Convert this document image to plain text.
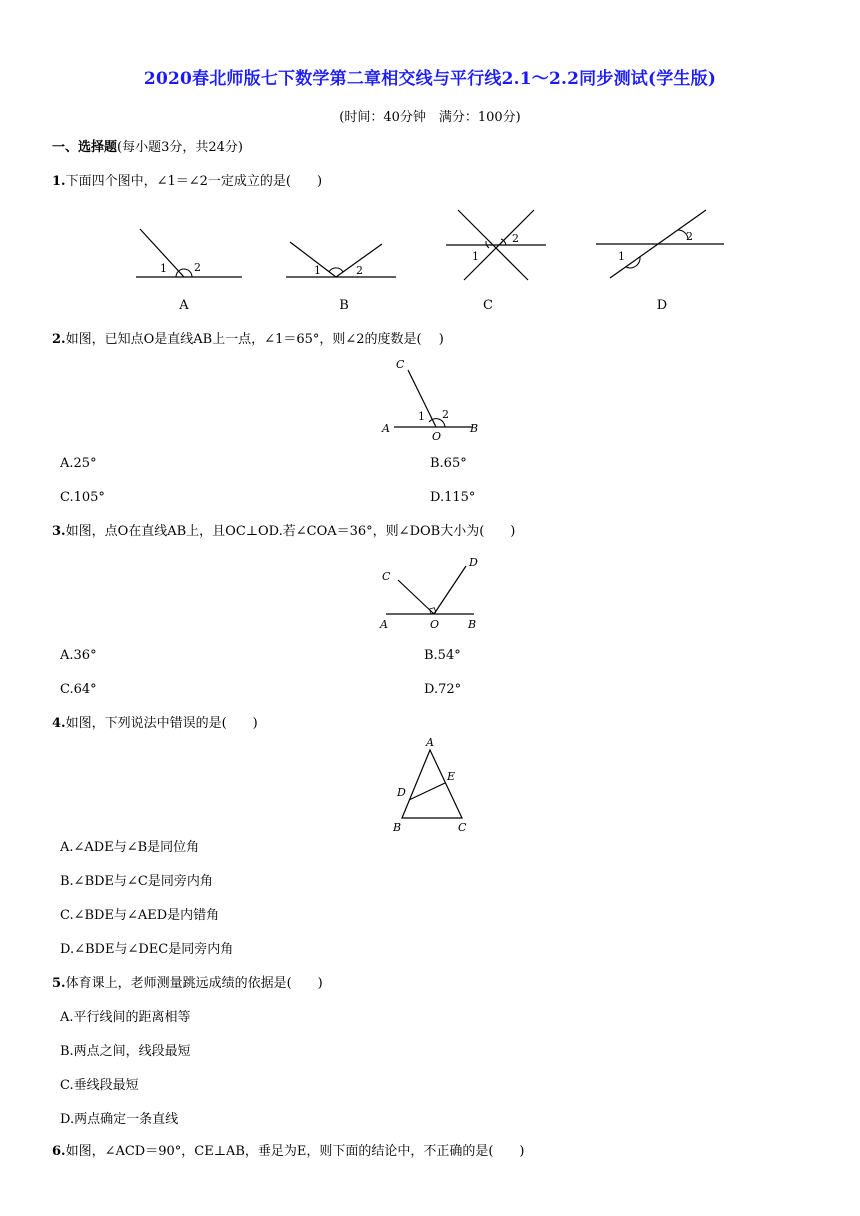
2020春北师版七下数学第二章相交线与平行线2.1～2.2同步测试(学生版)
(时间：40分钟　满分：100分)
一、选择题(每小题3分，共24分)
1.下面四个图中，∠1＝∠2一定成立的是(　　)
1 2
A
1	2
B
1
2
C
1
2
D
2.如图，已知点O是直线AB上一点，∠1＝65°，则∠2的度数是(　 )
C
A
O
B
1 2
A.25°	B.65°
C.105°	D.115°
3.如图，点O在直线AB上，且OC⊥OD.若∠COA＝36°，则∠DOB大小为(　　)
C
D
A	O	B
A.36°	B.54°
C.64°	D.72°
4.如图，下列说法中错误的是(　　)
A
E
D
B	C
A.∠ADE与∠B是同位角
B.∠BDE与∠C是同旁内角
C.∠BDE与∠AED是内错角
D.∠BDE与∠DEC是同旁内角
5.体育课上，老师测量跳远成绩的依据是(　　)
A.平行线间的距离相等
B.两点之间，线段最短
C.垂线段最短
D.两点确定一条直线
6.如图，∠ACD＝90°，CE⊥AB，垂足为E，则下面的结论中，不正确的是(　　)
